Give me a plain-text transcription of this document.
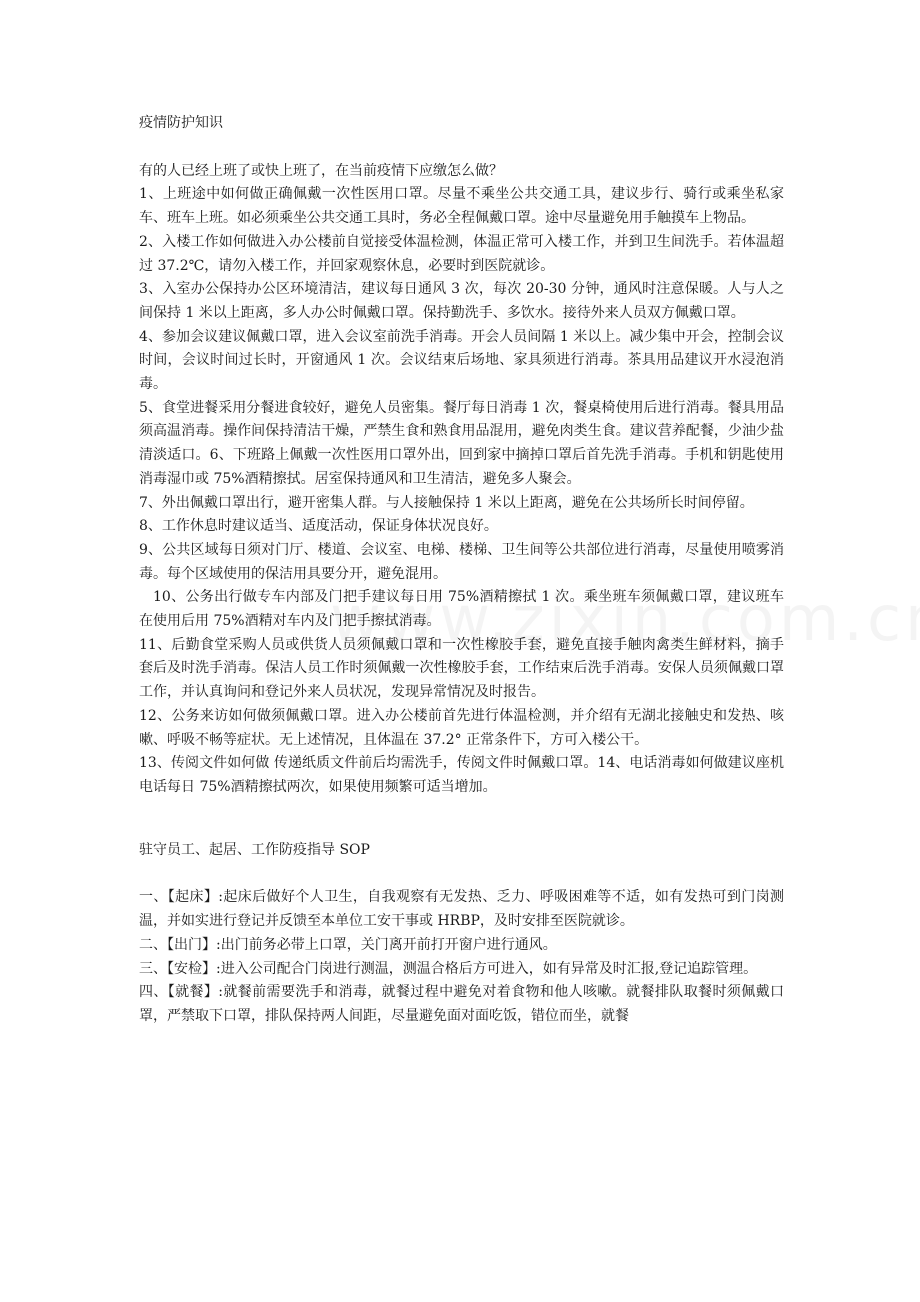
疫情防护知识

有的人已经上班了或快上班了，在当前疫情下应缴怎么做？

1、上班途中如何做正确佩戴一次性医用口罩。尽量不乘坐公共交通工具，建议步行、骑行或乘坐私家车、班车上班。如必须乘坐公共交通工具时，务必全程佩戴口罩。途中尽量避免用手触摸车上物品。

2、入楼工作如何做进入办公楼前自觉接受体温检测，体温正常可入楼工作，并到卫生间洗手。若体温超过 37.2℃，请勿入楼工作，并回家观察休息，必要时到医院就诊。

3、入室办公保持办公区环境清洁，建议每日通风 3 次，每次 20-30 分钟，通风时注意保暖。人与人之间保持 1 米以上距离，多人办公时佩戴口罩。保持勤洗手、多饮水。接待外来人员双方佩戴口罩。

4、参加会议建议佩戴口罩，进入会议室前洗手消毒。开会人员间隔 1 米以上。减少集中开会，控制会议时间，会议时间过长时，开窗通风 1 次。会议结束后场地、家具须进行消毒。茶具用品建议开水浸泡消毒。

5、食堂进餐采用分餐进食较好，避免人员密集。餐厅每日消毒 1 次，餐桌椅使用后进行消毒。餐具用品须高温消毒。操作间保持清洁干燥，严禁生食和熟食用品混用，避免肉类生食。建议营养配餐，少油少盐清淡适口。6、下班路上佩戴一次性医用口罩外出，回到家中摘掉口罩后首先洗手消毒。手机和钥匙使用消毒湿巾或 75%酒精擦拭。居室保持通风和卫生清洁，避免多人聚会。

7、外出佩戴口罩出行，避开密集人群。与人接触保持 1 米以上距离，避免在公共场所长时间停留。

8、工作休息时建议适当、适度活动，保证身体状况良好。

9、公共区域每日须对门厅、楼道、会议室、电梯、楼梯、卫生间等公共部位进行消毒，尽量使用喷雾消毒。每个区域使用的保洁用具要分开，避免混用。

10、公务出行做专车内部及门把手建议每日用 75%酒精擦拭 1 次。乘坐班车须佩戴口罩，建议班车在使用后用 75%酒精对车内及门把手擦拭消毒。

11、后勤食堂采购人员或供货人员须佩戴口罩和一次性橡胶手套，避免直接手触肉禽类生鲜材料，摘手套后及时洗手消毒。保洁人员工作时须佩戴一次性橡胶手套，工作结束后洗手消毒。安保人员须佩戴口罩工作，并认真询问和登记外来人员状况，发现异常情况及时报告。

12、公务来访如何做须佩戴口罩。进入办公楼前首先进行体温检测，并介绍有无湖北接触史和发热、咳嗽、呼吸不畅等症状。无上述情况，且体温在 37.2° 正常条件下，方可入楼公干。

13、传阅文件如何做 传递纸质文件前后均需洗手，传阅文件时佩戴口罩。14、电话消毒如何做建议座机电话每日 75%酒精擦拭两次，如果使用频繁可适当增加。

驻守员工、起居、工作防疫指导 SOP

一、【起床】:起床后做好个人卫生，自我观察有无发热、乏力、呼吸困难等不适，如有发热可到门岗测温，并如实进行登记并反馈至本单位工安干事或 HRBP，及时安排至医院就诊。

二、【出门】:出门前务必带上口罩，关门离开前打开窗户进行通风。

三、【安检】:进入公司配合门岗进行测温，测温合格后方可进入，如有异常及时汇报,登记追踪管理。

四、【就餐】:就餐前需要洗手和消毒，就餐过程中避免对着食物和他人咳嗽。就餐排队取餐时须佩戴口罩，严禁取下口罩，排队保持两人间距，尽量避免面对面吃饭，错位而坐，就餐
